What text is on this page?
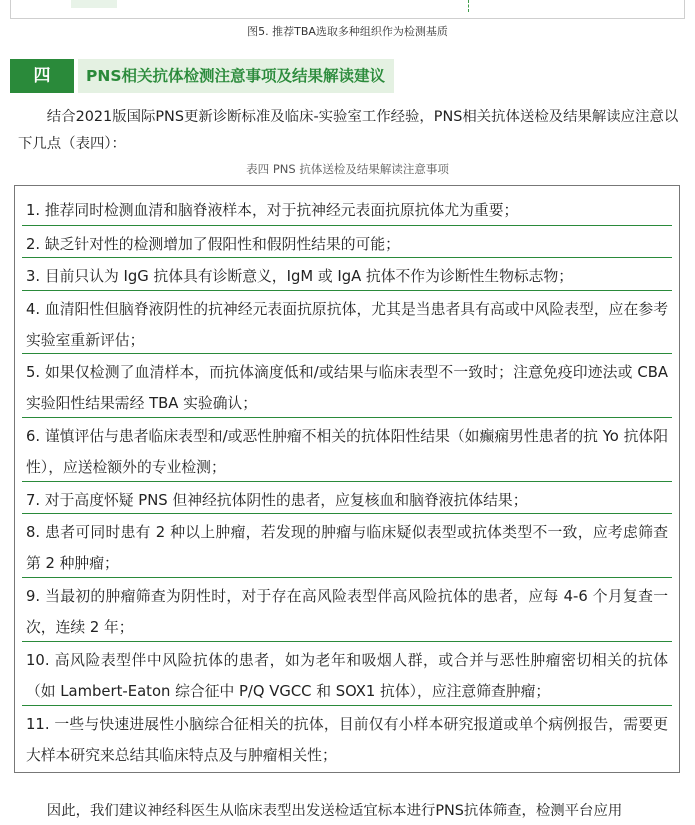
图5. 推荐TBA选取多种组织作为检测基质
四	PNS相关抗体检测注意事项及结果解读建议

结合2021版国际PNS更新诊断标准及临床-实验室工作经验，PNS相关抗体送检及结果解读应注意以下几点（表四）：

表四 PNS 抗体送检及结果解读注意事项
1. 推荐同时检测血清和脑脊液样本，对于抗神经元表面抗原抗体尤为重要；
2. 缺乏针对性的检测增加了假阳性和假阴性结果的可能；
3. 目前只认为 IgG 抗体具有诊断意义，IgM 或 IgA 抗体不作为诊断性生物标志物；
4. 血清阳性但脑脊液阴性的抗神经元表面抗原抗体，尤其是当患者具有高或中风险表型，应在参考实验室重新评估；
5. 如果仅检测了血清样本，而抗体滴度低和/或结果与临床表型不一致时；注意免疫印迹法或 CBA 实验阳性结果需经 TBA 实验确认；
6. 谨慎评估与患者临床表型和/或恶性肿瘤不相关的抗体阳性结果（如癫痫男性患者的抗 Yo 抗体阳性），应送检额外的专业检测；
7. 对于高度怀疑 PNS 但神经抗体阴性的患者，应复核血和脑脊液抗体结果；
8. 患者可同时患有 2 种以上肿瘤，若发现的肿瘤与临床疑似表型或抗体类型不一致，应考虑筛查第 2 种肿瘤；
9. 当最初的肿瘤筛查为阴性时，对于存在高风险表型伴高风险抗体的患者，应每 4-6 个月复查一次，连续 2 年；
10. 高风险表型伴中风险抗体的患者，如为老年和吸烟人群，或合并与恶性肿瘤密切相关的抗体（如 Lambert-Eaton 综合征中 P/Q VGCC 和 SOX1 抗体），应注意筛查肿瘤；
11. 一些与快速进展性小脑综合征相关的抗体，目前仅有小样本研究报道或单个病例报告，需要更大样本研究来总结其临床特点及与肿瘤相关性；

因此，我们建议神经科医生从临床表型出发送检适宜标本进行PNS抗体筛查，检测平台应用
